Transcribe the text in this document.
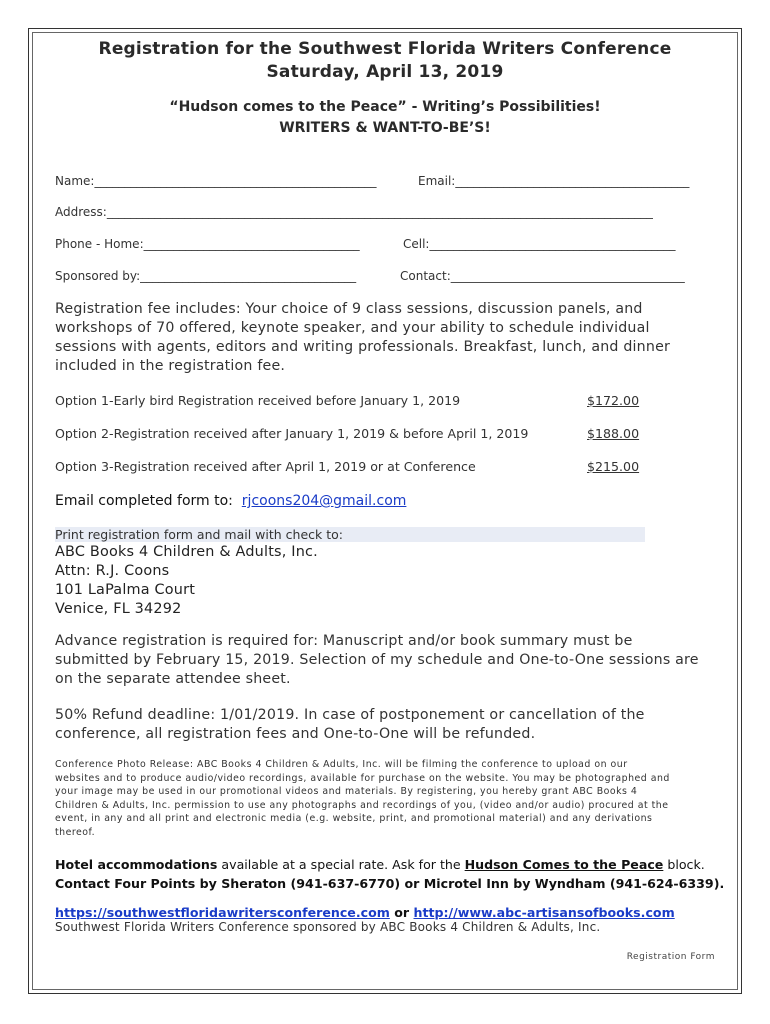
Registration for the Southwest Florida Writers Conference

Saturday, April 13, 2019

“Hudson comes to the Peace” - Writing’s Possibilities!

WRITERS & WANT-TO-BE’S!

Name:_______________________________________________	Email:_______________________________________
Address:___________________________________________________________________________________________
Phone - Home:____________________________________	Cell:_________________________________________
Sponsored by:____________________________________	Contact:_______________________________________
Registration fee includes: Your choice of 9 class sessions, discussion panels, and
workshops of 70 offered, keynote speaker, and your ability to schedule individual
sessions with agents, editors and writing professionals. Breakfast, lunch, and dinner
included in the registration fee.
Option 1-Early bird Registration received before January 1, 2019	$172.00
Option 2-Registration received after January 1, 2019 & before April 1, 2019	$188.00
Option 3-Registration received after April 1, 2019 or at Conference	$215.00
Email completed form to: rjcoons204@gmail.com
Print registration form and mail with check to:
ABC Books 4 Children & Adults, Inc.
Attn: R.J. Coons
101 LaPalma Court
Venice, FL 34292
Advance registration is required for: Manuscript and/or book summary must be
submitted by February 15, 2019. Selection of my schedule and One-to-One sessions are
on the separate attendee sheet.
50% Refund deadline: 1/01/2019. In case of postponement or cancellation of the
conference, all registration fees and One-to-One will be refunded.
Conference Photo Release: ABC Books 4 Children & Adults, Inc. will be filming the conference to upload on our
websites and to produce audio/video recordings, available for purchase on the website. You may be photographed and
your image may be used in our promotional videos and materials. By registering, you hereby grant ABC Books 4
Children & Adults, Inc. permission to use any photographs and recordings of you, (video and/or audio) procured at the
event, in any and all print and electronic media (e.g. website, print, and promotional material) and any derivations
thereof.
Hotel accommodations available at a special rate. Ask for the Hudson Comes to the Peace block.
Contact Four Points by Sheraton (941-637-6770) or Microtel Inn by Wyndham (941-624-6339).
https://southwestfloridawritersconference.com or http://www.abc-artisansofbooks.com
Southwest Florida Writers Conference sponsored by ABC Books 4 Children & Adults, Inc.
Registration Form
